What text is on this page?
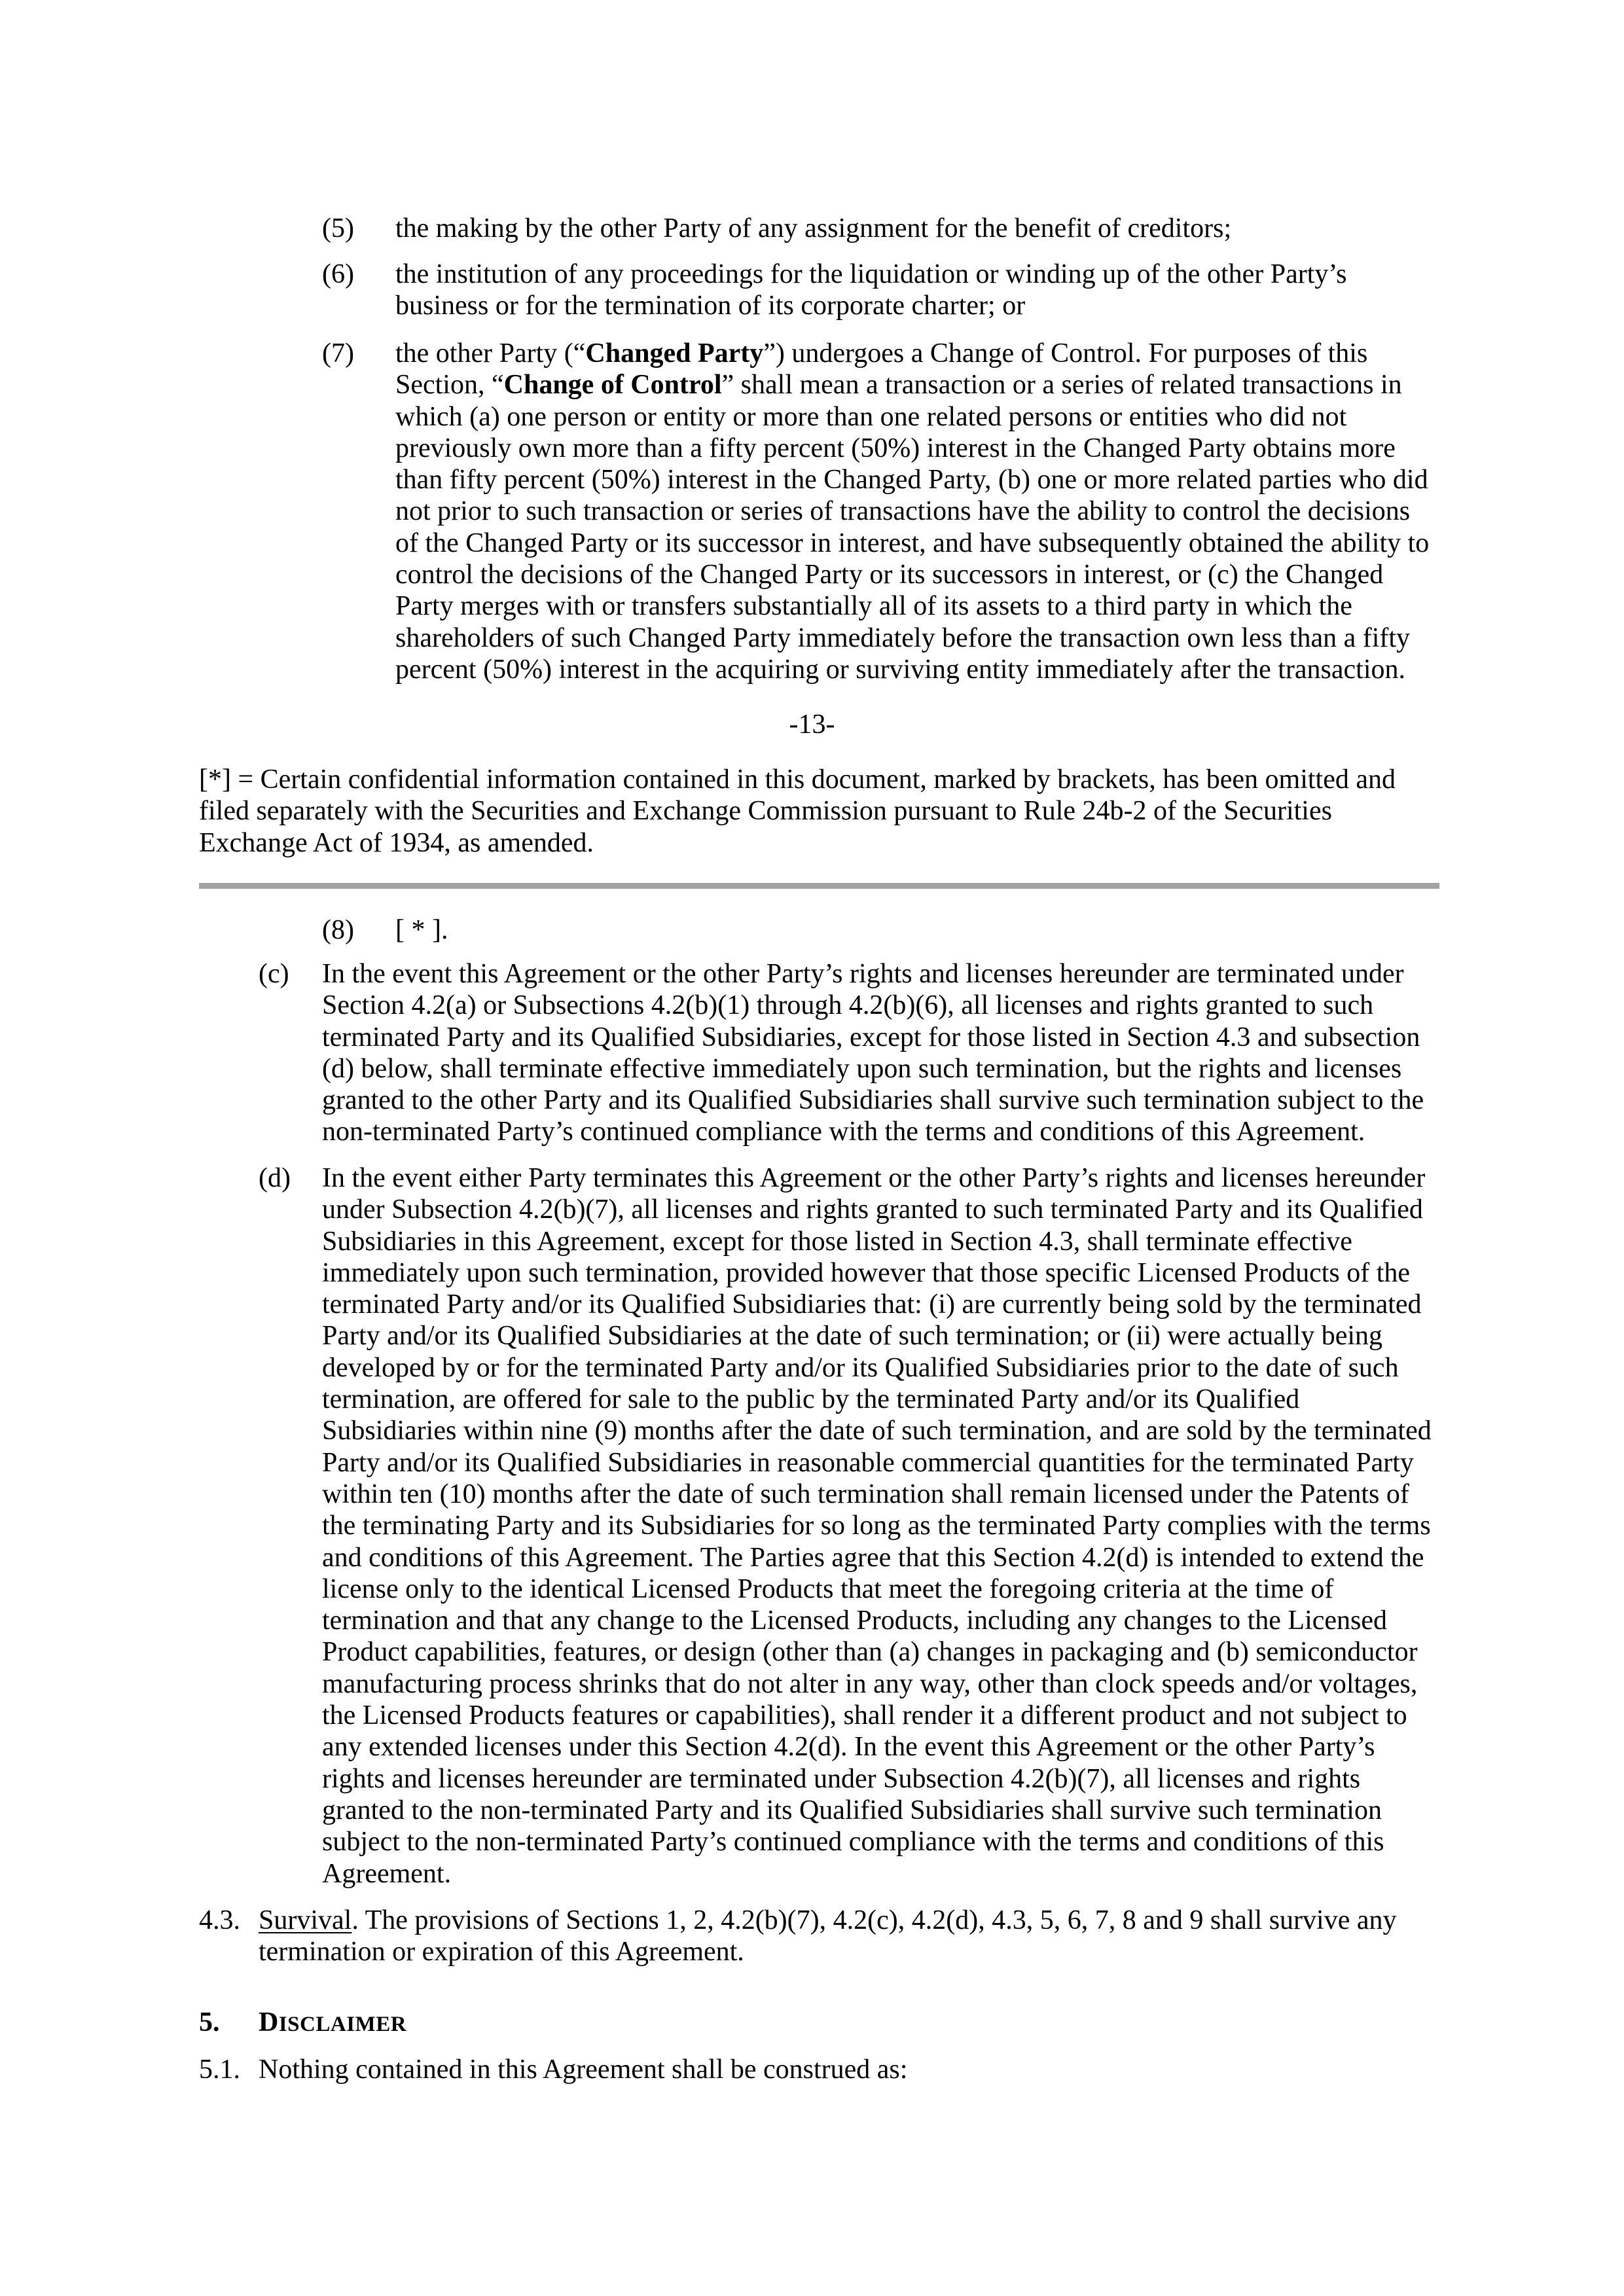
(5) the making by the other Party of any assignment for the benefit of creditors;
(6) the institution of any proceedings for the liquidation or winding up of the other Party’s
business or for the termination of its corporate charter; or
(7) the other Party (“Changed Party”) undergoes a Change of Control. For purposes of this
Section, “Change of Control” shall mean a transaction or a series of related transactions in
which (a) one person or entity or more than one related persons or entities who did not
previously own more than a fifty percent (50%) interest in the Changed Party obtains more
than fifty percent (50%) interest in the Changed Party, (b) one or more related parties who did
not prior to such transaction or series of transactions have the ability to control the decisions
of the Changed Party or its successor in interest, and have subsequently obtained the ability to
control the decisions of the Changed Party or its successors in interest, or (c) the Changed
Party merges with or transfers substantially all of its assets to a third party in which the
shareholders of such Changed Party immediately before the transaction own less than a fifty
percent (50%) interest in the acquiring or surviving entity immediately after the transaction.
-13-
[*] = Certain confidential information contained in this document, marked by brackets, has been omitted and
filed separately with the Securities and Exchange Commission pursuant to Rule 24b-2 of the Securities
Exchange Act of 1934, as amended.
(8) [ * ].
(c) In the event this Agreement or the other Party’s rights and licenses hereunder are terminated under
Section 4.2(a) or Subsections 4.2(b)(1) through 4.2(b)(6), all licenses and rights granted to such
terminated Party and its Qualified Subsidiaries, except for those listed in Section 4.3 and subsection
(d) below, shall terminate effective immediately upon such termination, but the rights and licenses
granted to the other Party and its Qualified Subsidiaries shall survive such termination subject to the
non-terminated Party’s continued compliance with the terms and conditions of this Agreement.
(d) In the event either Party terminates this Agreement or the other Party’s rights and licenses hereunder
under Subsection 4.2(b)(7), all licenses and rights granted to such terminated Party and its Qualified
Subsidiaries in this Agreement, except for those listed in Section 4.3, shall terminate effective
immediately upon such termination, provided however that those specific Licensed Products of the
terminated Party and/or its Qualified Subsidiaries that: (i) are currently being sold by the terminated
Party and/or its Qualified Subsidiaries at the date of such termination; or (ii) were actually being
developed by or for the terminated Party and/or its Qualified Subsidiaries prior to the date of such
termination, are offered for sale to the public by the terminated Party and/or its Qualified
Subsidiaries within nine (9) months after the date of such termination, and are sold by the terminated
Party and/or its Qualified Subsidiaries in reasonable commercial quantities for the terminated Party
within ten (10) months after the date of such termination shall remain licensed under the Patents of
the terminating Party and its Subsidiaries for so long as the terminated Party complies with the terms
and conditions of this Agreement. The Parties agree that this Section 4.2(d) is intended to extend the
license only to the identical Licensed Products that meet the foregoing criteria at the time of
termination and that any change to the Licensed Products, including any changes to the Licensed
Product capabilities, features, or design (other than (a) changes in packaging and (b) semiconductor
manufacturing process shrinks that do not alter in any way, other than clock speeds and/or voltages,
the Licensed Products features or capabilities), shall render it a different product and not subject to
any extended licenses under this Section 4.2(d). In the event this Agreement or the other Party’s
rights and licenses hereunder are terminated under Subsection 4.2(b)(7), all licenses and rights
granted to the non-terminated Party and its Qualified Subsidiaries shall survive such termination
subject to the non-terminated Party’s continued compliance with the terms and conditions of this
Agreement.
4.3. Survival. The provisions of Sections 1, 2, 4.2(b)(7), 4.2(c), 4.2(d), 4.3, 5, 6, 7, 8 and 9 shall survive any
termination or expiration of this Agreement.
5. DISCLAIMER
5.1. Nothing contained in this Agreement shall be construed as:
